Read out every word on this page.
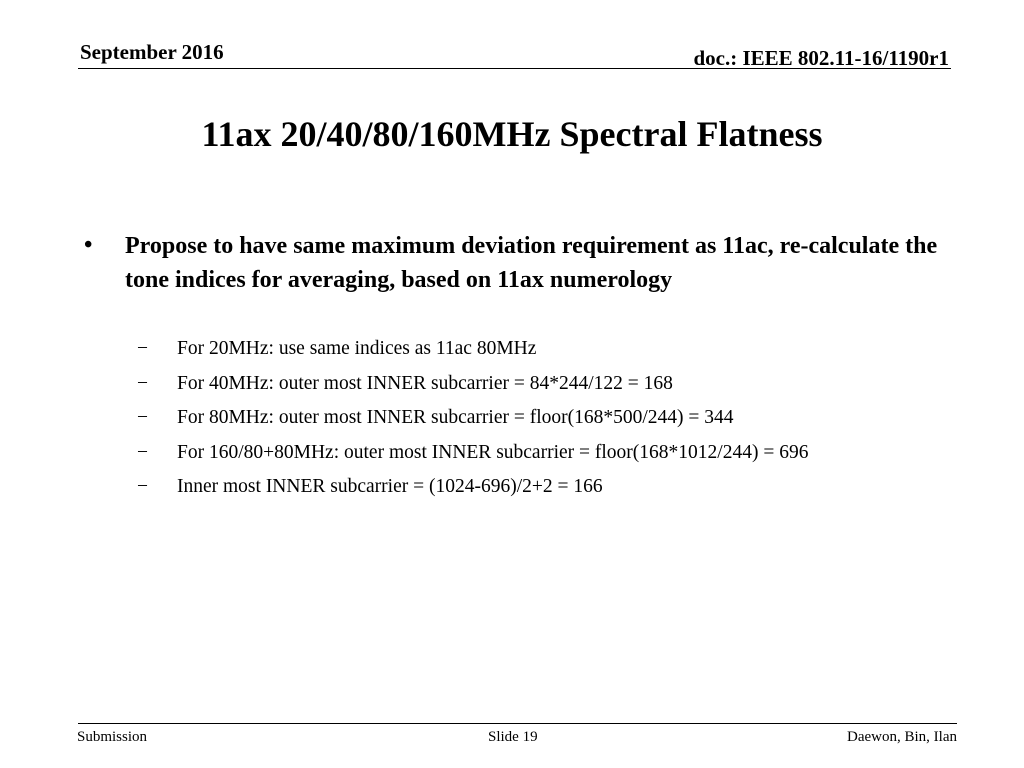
September 2016	doc.: IEEE 802.11-16/1190r1
11ax 20/40/80/160MHz Spectral Flatness
• Propose to have same maximum deviation requirement as 11ac, re-calculate the tone indices for averaging, based on 11ax numerology
− For 20MHz: use same indices as 11ac 80MHz
− For 40MHz: outer most INNER subcarrier = 84*244/122 = 168
− For 80MHz: outer most INNER subcarrier = floor(168*500/244) = 344
− For 160/80+80MHz: outer most INNER subcarrier = floor(168*1012/244) = 696
− Inner most INNER subcarrier = (1024-696)/2+2 = 166
Submission	Slide 19	Daewon, Bin, Ilan
